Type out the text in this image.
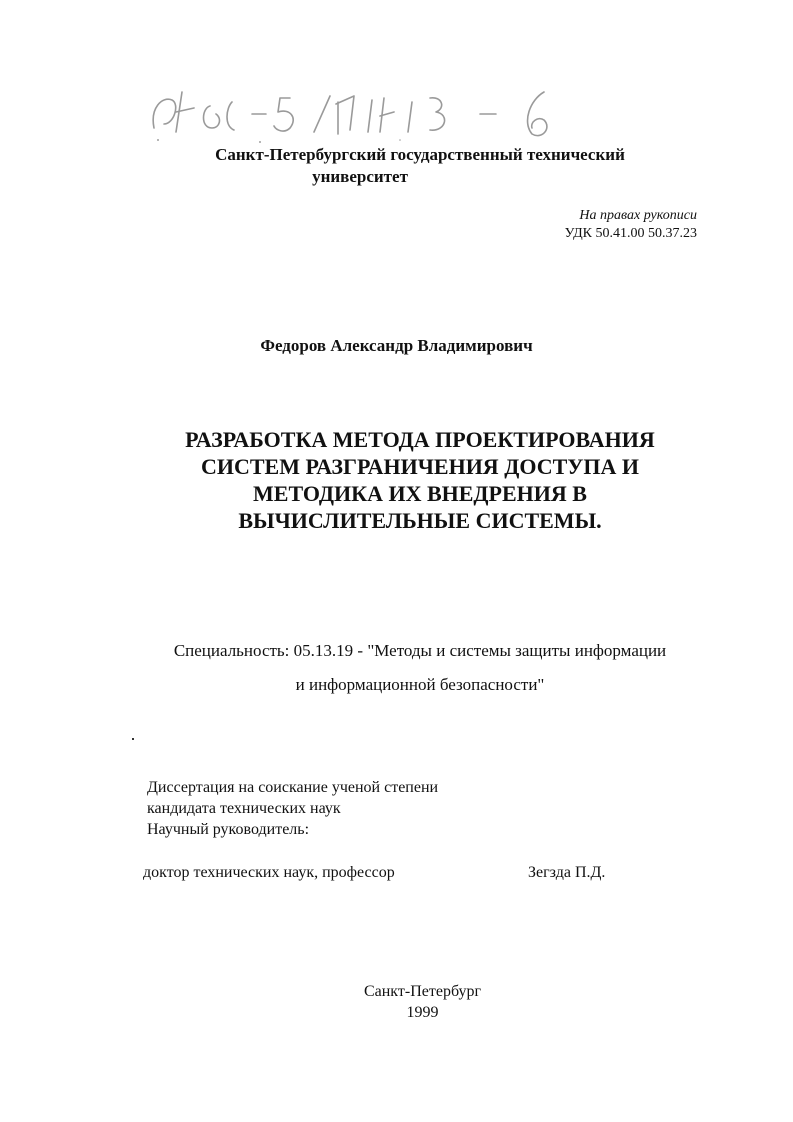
Санкт-Петербургский государственный технический
университет
На правах рукописи
УДК 50.41.00 50.37.23
Федоров Александр Владимирович
РАЗРАБОТКА МЕТОДА ПРОЕКТИРОВАНИЯ
СИСТЕМ РАЗГРАНИЧЕНИЯ ДОСТУПА И
МЕТОДИКА ИХ ВНЕДРЕНИЯ В
ВЫЧИСЛИТЕЛЬНЫЕ СИСТЕМЫ.
Специальность: 05.13.19 - "Методы и системы защиты информации
и информационной безопасности"
Диссертация на соискание ученой степени
кандидата технических наук
Научный руководитель:
доктор технических наук, профессор	Зегзда П.Д.
Санкт-Петербург
1999
